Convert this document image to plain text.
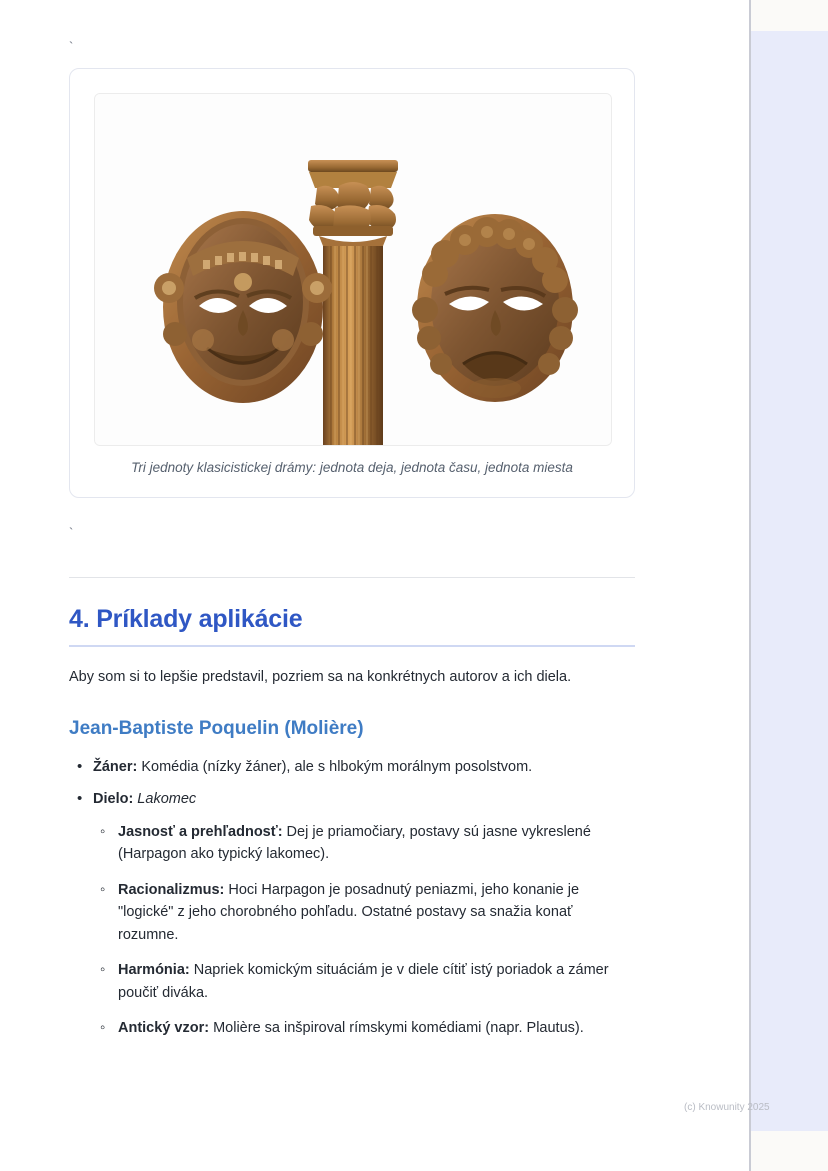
`
Tri jednoty klasicistickej drámy: jednota deja, jednota času, jednota miesta
`
4. Príklady aplikácie

Aby som si to lepšie predstavil, pozriem sa na konkrétnych autorov a ich diela.

Jean-Baptiste Poquelin (Molière)
• Žáner: Komédia (nízky žáner), ale s hlbokým morálnym posolstvom.
• Dielo: Lakomec
◦ Jasnosť a prehľadnosť: Dej je priamočiary, postavy sú jasne vykreslené (Harpagon ako typický lakomec).
◦ Racionalizmus: Hoci Harpagon je posadnutý peniazmi, jeho konanie je "logické" z jeho chorobného pohľadu. Ostatné postavy sa snažia konať rozumne.
◦ Harmónia: Napriek komickým situáciám je v diele cítiť istý poriadok a zámer poučiť diváka.
◦ Antický vzor: Molière sa inšpiroval rímskymi komédiami (napr. Plautus).
(c) Knowunity 2025
